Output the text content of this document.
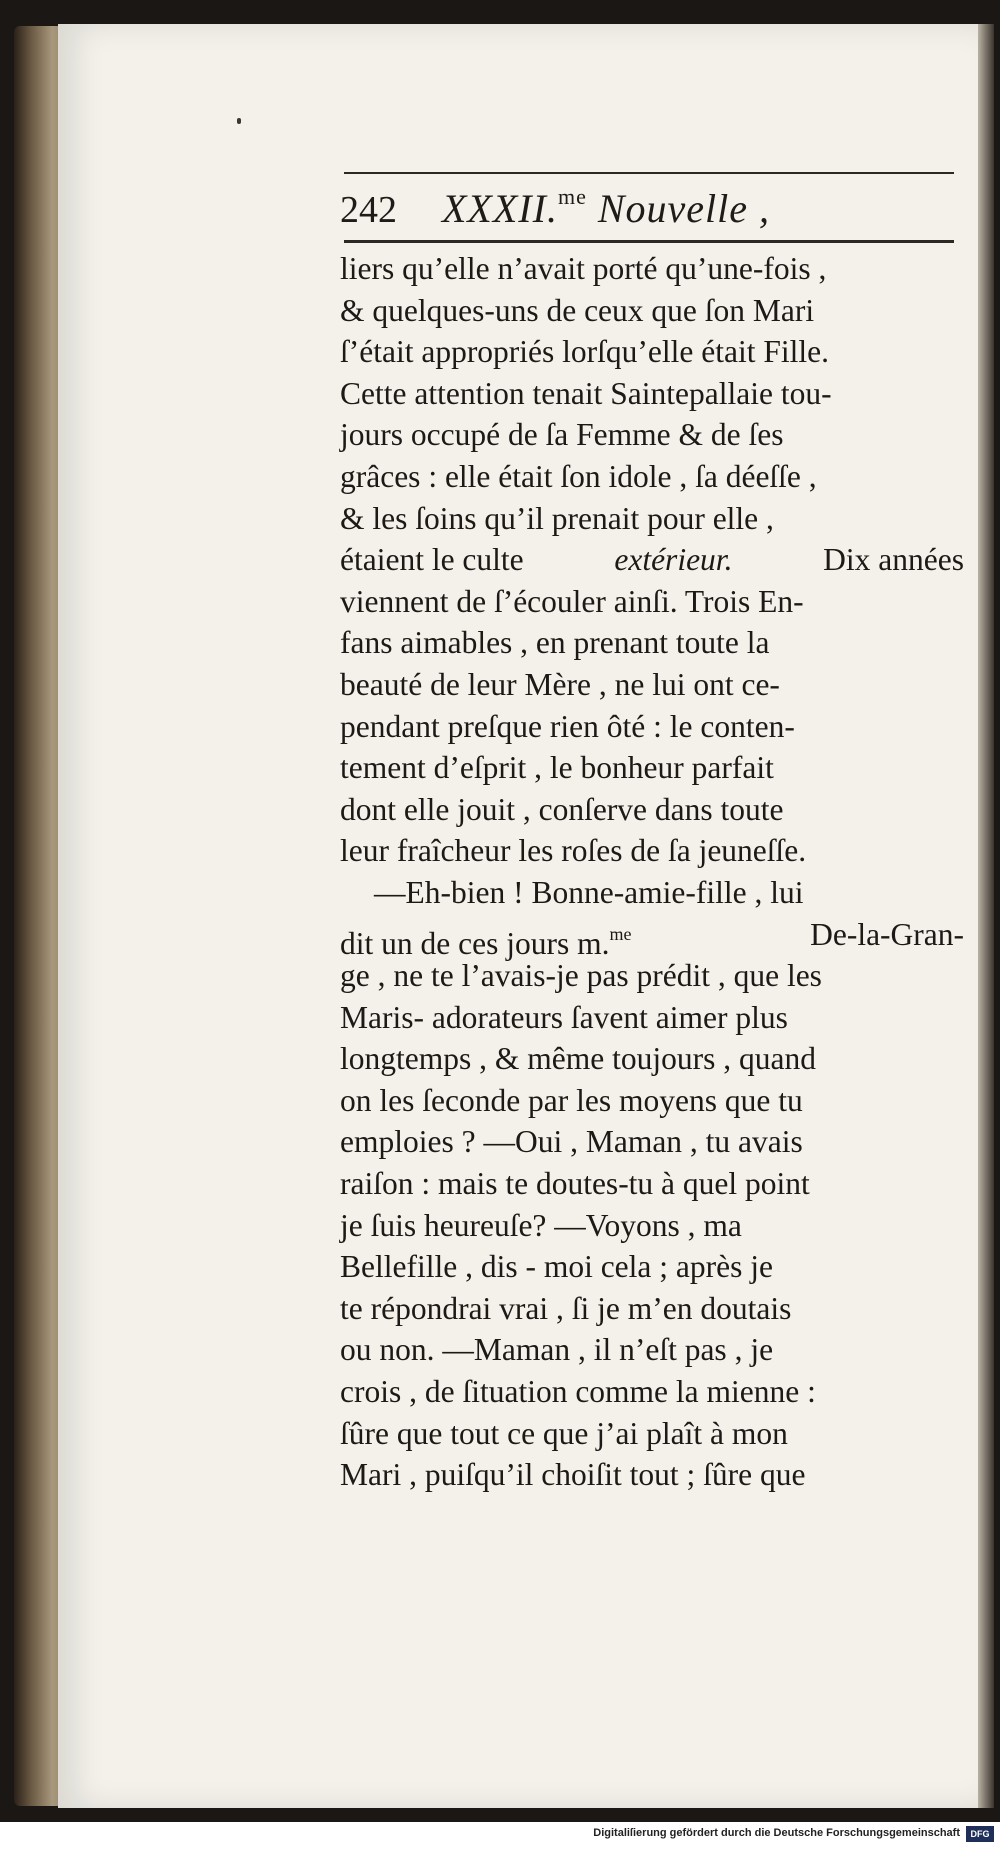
242 XXXII.$^{me}$ Nouvelle ,
liers qu’elle n’avait porté qu’une-fois ,
& quelques-uns de ceux que ſon Mari
ſ’était appropriés lorſqu’elle était Fille.
Cette attention tenait Saintepallaie tou-
jours occupé de ſa Femme & de ſes
grâces : elle était ſon idole , ſa déeſſe ,
& les ſoins qu’il prenait pour elle ,
étaient le culte	extérieur.	Dix années
viennent de ſ’écouler ainſi. Trois En-
fans aimables , en prenant toute la
beauté de leur Mère , ne lui ont ce-
pendant preſque rien ôté : le conten-
tement d’eſprit , le bonheur parfait
dont elle jouit , conſerve dans toute
leur fraîcheur les roſes de ſa jeuneſſe.
—Eh-bien ! Bonne-amie-fille , lui
dit un de ces jours m.$^{me}$	De-la-Gran-
ge , ne te l’avais-je pas prédit , que les
Maris- adorateurs ſavent aimer plus
longtemps , & même toujours , quand
on les ſeconde par les moyens que tu
emploies ? —Oui , Maman , tu avais
raiſon : mais te doutes-tu à quel point
je ſuis heureuſe? —Voyons , ma
Bellefille , dis - moi cela ; après je
te répondrai vrai , ſi je m’en doutais
ou non. —Maman , il n’eſt pas , je
crois , de ſituation comme la mienne :
ſûre que tout ce que j’ai plaît à mon
Mari , puiſqu’il choiſit tout ; ſûre que
Digitaliſierung gefördert durch die Deutsche Forschungsgemeinschaft	DFG
